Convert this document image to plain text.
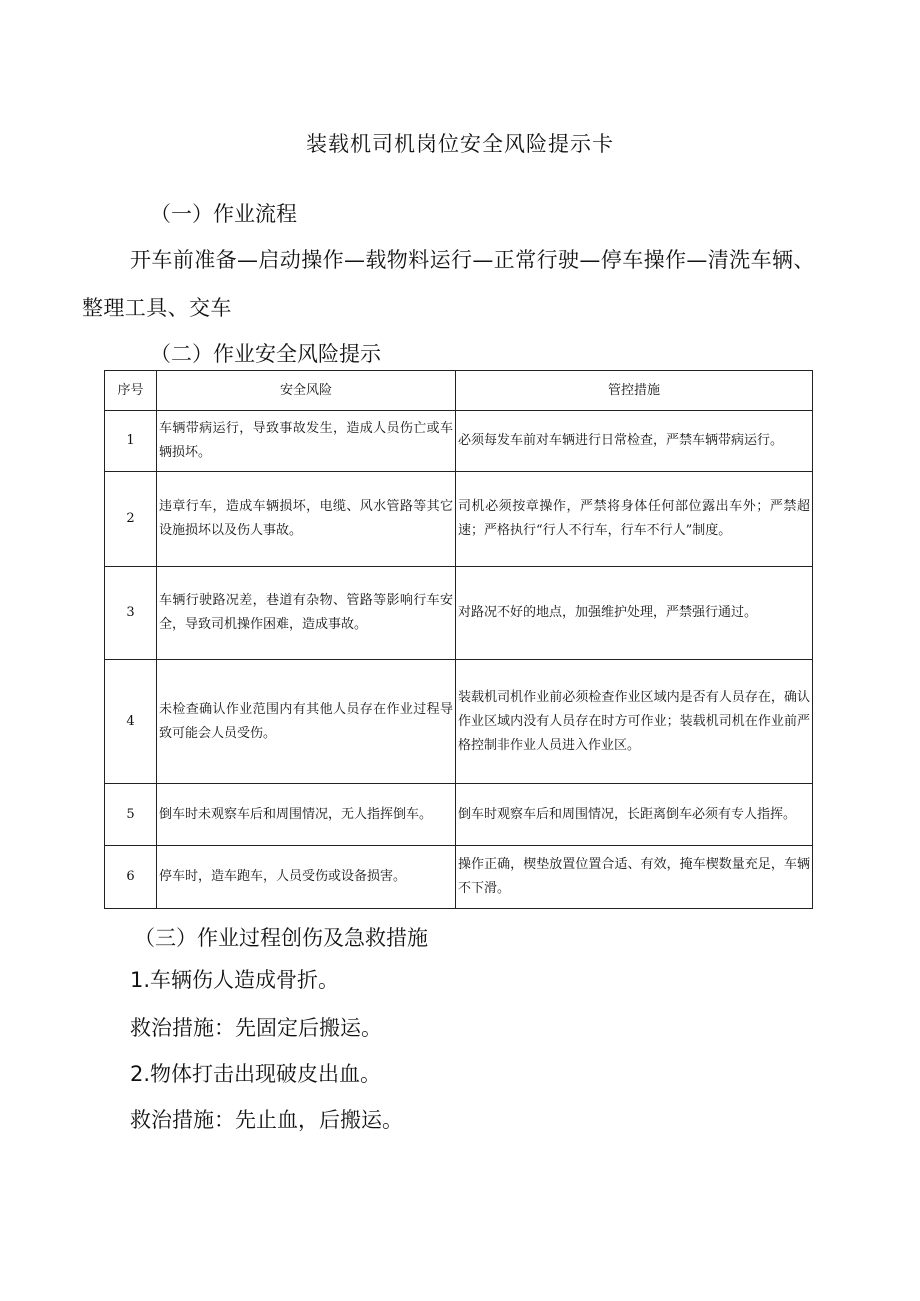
装载机司机岗位安全风险提示卡
（一）作业流程
开车前准备—启动操作—载物料运行—正常行驶—停车操作—清洗车辆、整理工具、交车
（二）作业安全风险提示
序号	安全风险	管控措施
1	车辆带病运行，导致事故发生，造成人员伤亡或车辆损坏。	必须每发车前对车辆进行日常检查，严禁车辆带病运行。
2	违章行车，造成车辆损坏，电缆、风水管路等其它设施损坏以及伤人事故。	司机必须按章操作，严禁将身体任何部位露出车外；严禁超速；严格执行“行人不行车，行车不行人”制度。
3	车辆行驶路况差，巷道有杂物、管路等影响行车安全，导致司机操作困难，造成事故。	对路况不好的地点，加强维护处理，严禁强行通过。
4	未检查确认作业范围内有其他人员存在作业过程导致可能会人员受伤。	装载机司机作业前必须检查作业区域内是否有人员存在，确认作业区域内没有人员存在时方可作业；装载机司机在作业前严格控制非作业人员进入作业区。
5	倒车时未观察车后和周围情况，无人指挥倒车。	倒车时观察车后和周围情况，长距离倒车必须有专人指挥。
6	停车时，造车跑车，人员受伤或设备损害。	操作正确，楔垫放置位置合适、有效，掩车楔数量充足，车辆不下滑。
（三）作业过程创伤及急救措施
1.车辆伤人造成骨折。
救治措施：先固定后搬运。
2.物体打击出现破皮出血。
救治措施：先止血，后搬运。
